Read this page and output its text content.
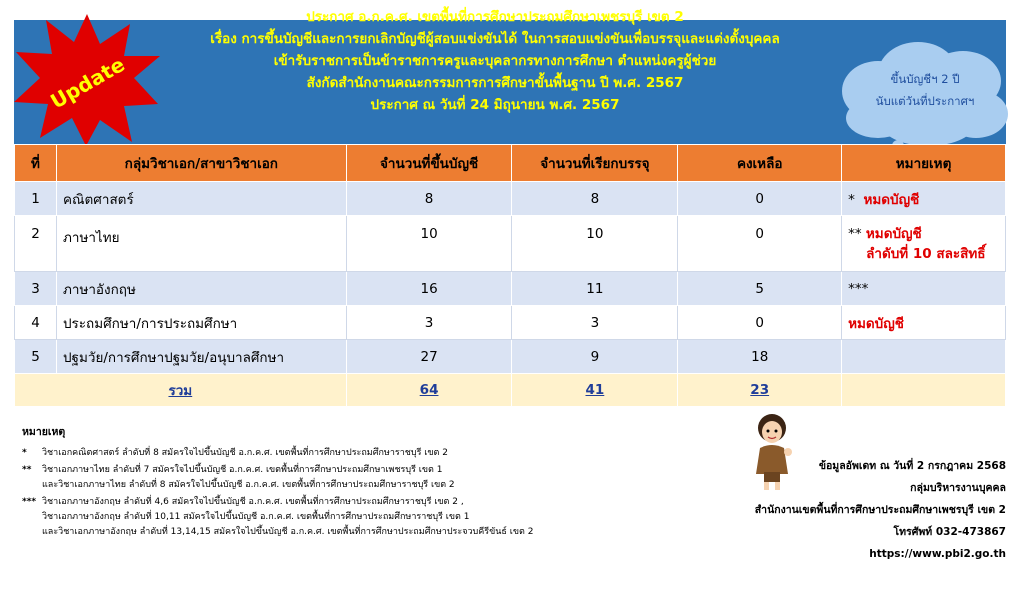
Update
ประกาศ อ.ก.ค.ศ. เขตพื้นที่การศึกษาประถมศึกษาเพชรบุรี เขต 2
เรื่อง การขึ้นบัญชีและการยกเลิกบัญชีผู้สอบแข่งขันได้ ในการสอบแข่งขันเพื่อบรรจุและแต่งตั้งบุคคล
เข้ารับราชการเป็นข้าราชการครูและบุคลากรทางการศึกษา ตำแหน่งครูผู้ช่วย
สังกัดสำนักงานคณะกรรมการการศึกษาขั้นพื้นฐาน ปี พ.ศ. 2567
ประกาศ ณ วันที่ 24 มิถุนายน พ.ศ. 2567
ขึ้นบัญชีฯ 2 ปี
นับแต่วันที่ประกาศฯ
ที่	กลุ่มวิชาเอก/สาขาวิชาเอก	จำนวนที่ขึ้นบัญชี	จำนวนที่เรียกบรรจุ	คงเหลือ	หมายเหตุ
1	คณิตศาสตร์	8	8	0	* หมดบัญชี
2	ภาษาไทย	10	10	0	** หมดบัญชี
ลำดับที่ 10 สละสิทธิ์

3	ภาษาอังกฤษ	16	11	5	***
4	ประถมศึกษา/การประถมศึกษา	3	3	0	หมดบัญชี
5	ปฐมวัย/การศึกษาปฐมวัย/อนุบาลศึกษา	27	9	18	
รวม		64	41	23	
หมายเหตุ
* วิชาเอกคณิตศาสตร์ ลำดับที่ 8 สมัครใจไปขึ้นบัญชี อ.ก.ค.ศ. เขตพื้นที่การศึกษาประถมศึกษาราชบุรี เขต 2
** วิชาเอกภาษาไทย ลำดับที่ 7 สมัครใจไปขึ้นบัญชี อ.ก.ค.ศ. เขตพื้นที่การศึกษาประถมศึกษาเพชรบุรี เขต 1
และวิชาเอกภาษาไทย ลำดับที่ 8 สมัครใจไปขึ้นบัญชี อ.ก.ค.ศ. เขตพื้นที่การศึกษาประถมศึกษาราชบุรี เขต 2
*** วิชาเอกภาษาอังกฤษ ลำดับที่ 4,6 สมัครใจไปขึ้นบัญชี อ.ก.ค.ศ. เขตพื้นที่การศึกษาประถมศึกษาราชบุรี เขต 2 ,
วิชาเอกภาษาอังกฤษ ลำดับที่ 10,11 สมัครใจไปขึ้นบัญชี อ.ก.ค.ศ. เขตพื้นที่การศึกษาประถมศึกษาราชบุรี เขต 1
และวิชาเอกภาษาอังกฤษ ลำดับที่ 13,14,15 สมัครใจไปขึ้นบัญชี อ.ก.ค.ศ. เขตพื้นที่การศึกษาประถมศึกษาประจวบคีรีขันธ์ เขต 2
ข้อมูลอัพเดท ณ วันที่ 2 กรกฎาคม 2568
กลุ่มบริหารงานบุคคล
สำนักงานเขตพื้นที่การศึกษาประถมศึกษาเพชรบุรี เขต 2
โทรศัพท์ 032-473867
https://www.pbi2.go.th
